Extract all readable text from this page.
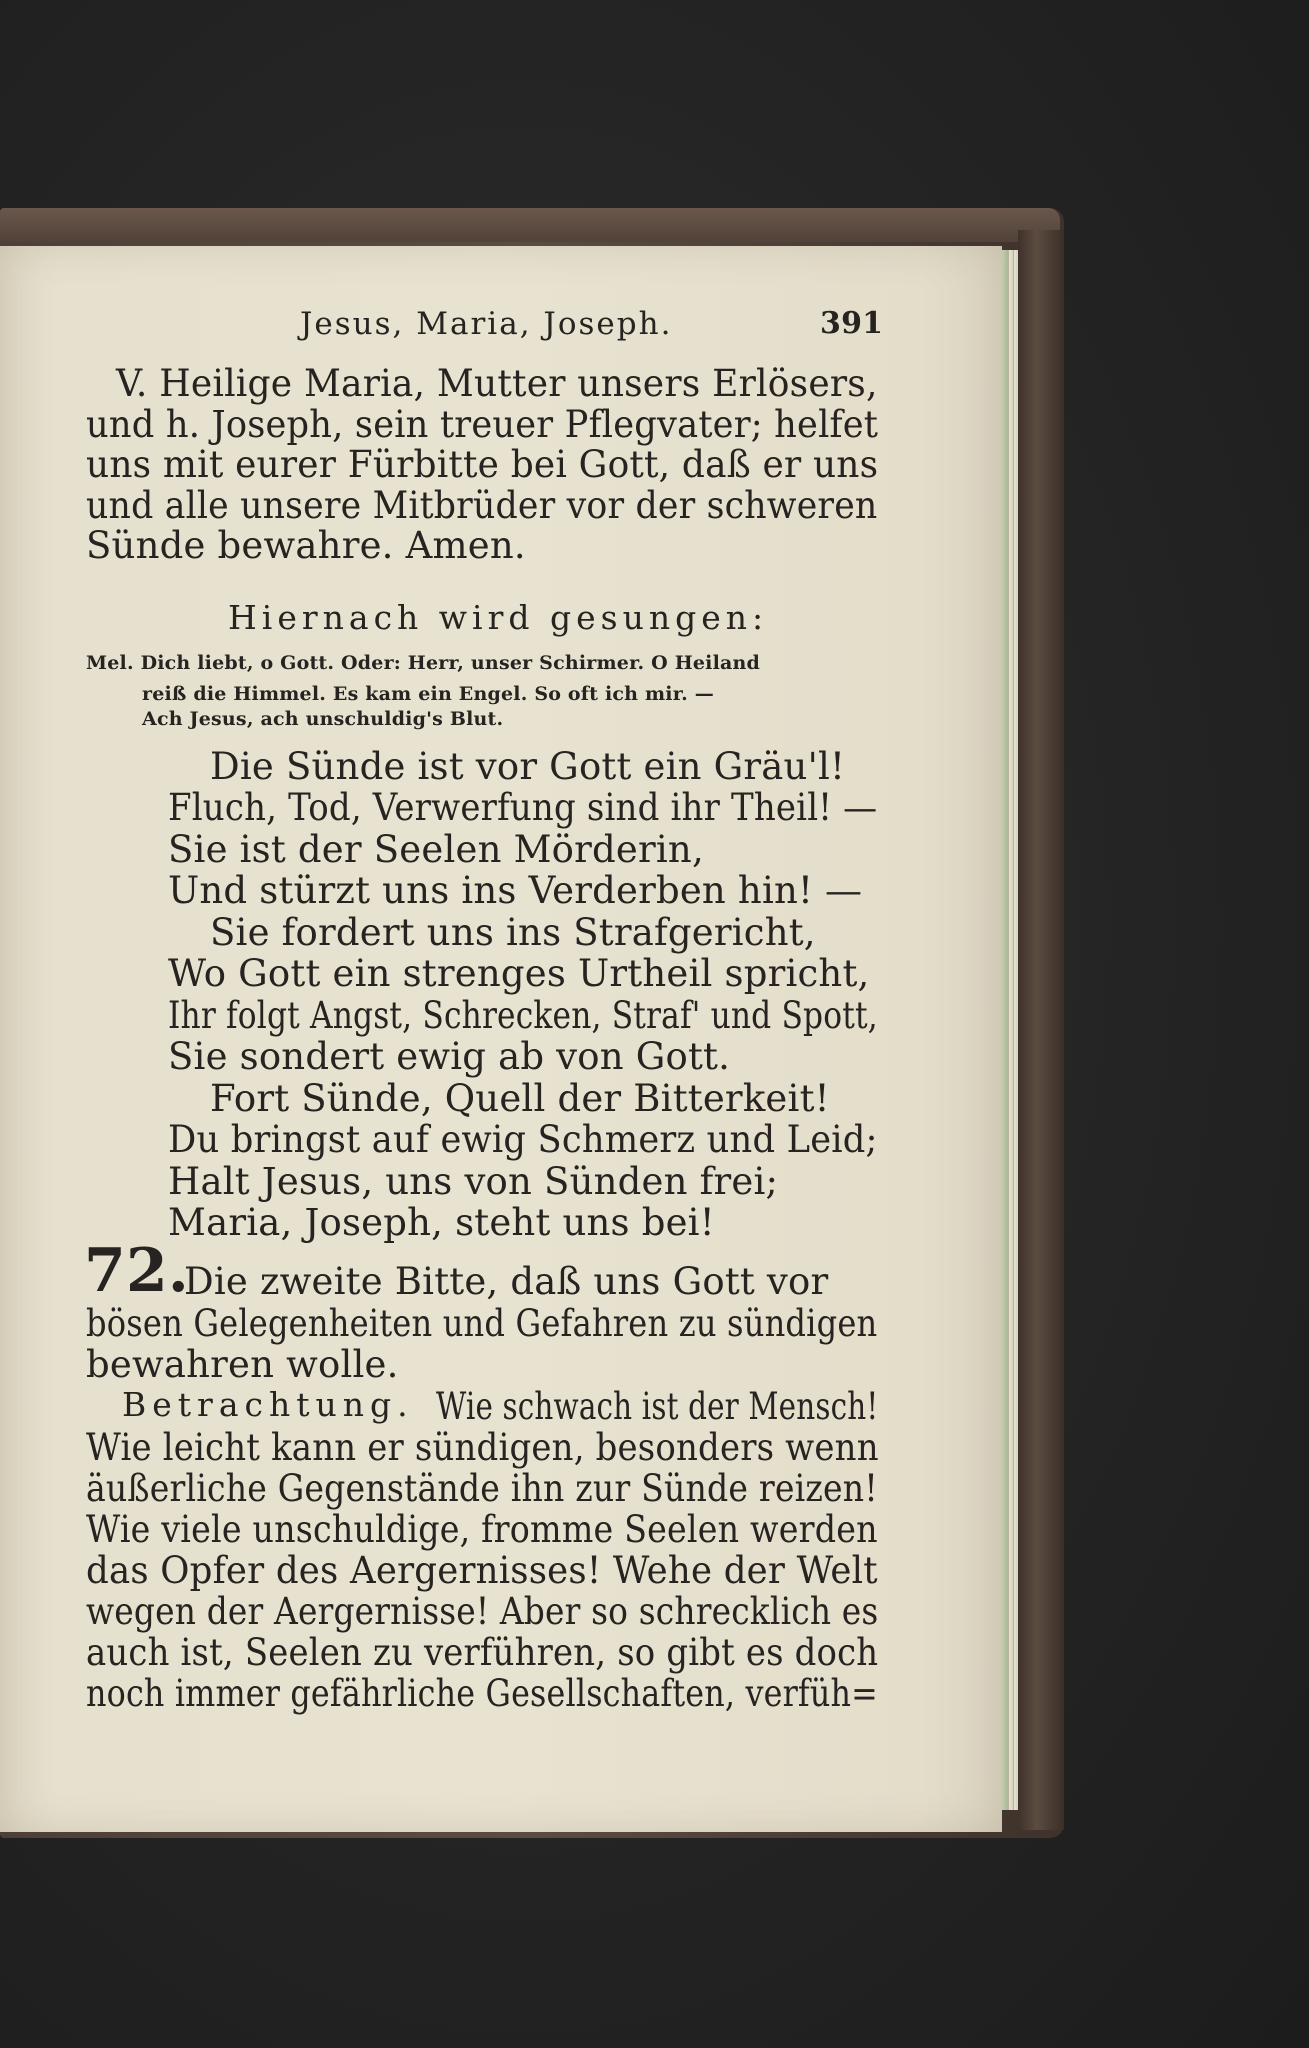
Jesus, Maria, Joseph.	391
V. Heilige Maria, Mutter unsers Erlösers,
und h. Joseph, sein treuer Pflegvater; helfet
uns mit eurer Fürbitte bei Gott, daß er uns
und alle unsere Mitbrüder vor der schweren
Sünde bewahre. Amen.
Hiernach wird gesungen:
Mel. Dich liebt, o Gott. Oder: Herr, unser Schirmer. O Heiland
reiß die Himmel. Es kam ein Engel. So oft ich mir. —
Ach Jesus, ach unschuldig's Blut.
Die Sünde ist vor Gott ein Gräu'l!
Fluch, Tod, Verwerfung sind ihr Theil! —
Sie ist der Seelen Mörderin,
Und stürzt uns ins Verderben hin! —
Sie fordert uns ins Strafgericht,
Wo Gott ein strenges Urtheil spricht,
Ihr folgt Angst, Schrecken, Straf' und Spott,
Sie sondert ewig ab von Gott.
Fort Sünde, Quell der Bitterkeit!
Du bringst auf ewig Schmerz und Leid;
Halt Jesus, uns von Sünden frei;
Maria, Joseph, steht uns bei!
72.
Die zweite Bitte, daß uns Gott vor
bösen Gelegenheiten und Gefahren zu sündigen
bewahren wolle.
Betrachtung. Wie schwach ist der Mensch!
Wie leicht kann er sündigen, besonders wenn
äußerliche Gegenstände ihn zur Sünde reizen!
Wie viele unschuldige, fromme Seelen werden
das Opfer des Aergernisses! Wehe der Welt
wegen der Aergernisse! Aber so schrecklich es
auch ist, Seelen zu verführen, so gibt es doch
noch immer gefährliche Gesellschaften, verfüh=
